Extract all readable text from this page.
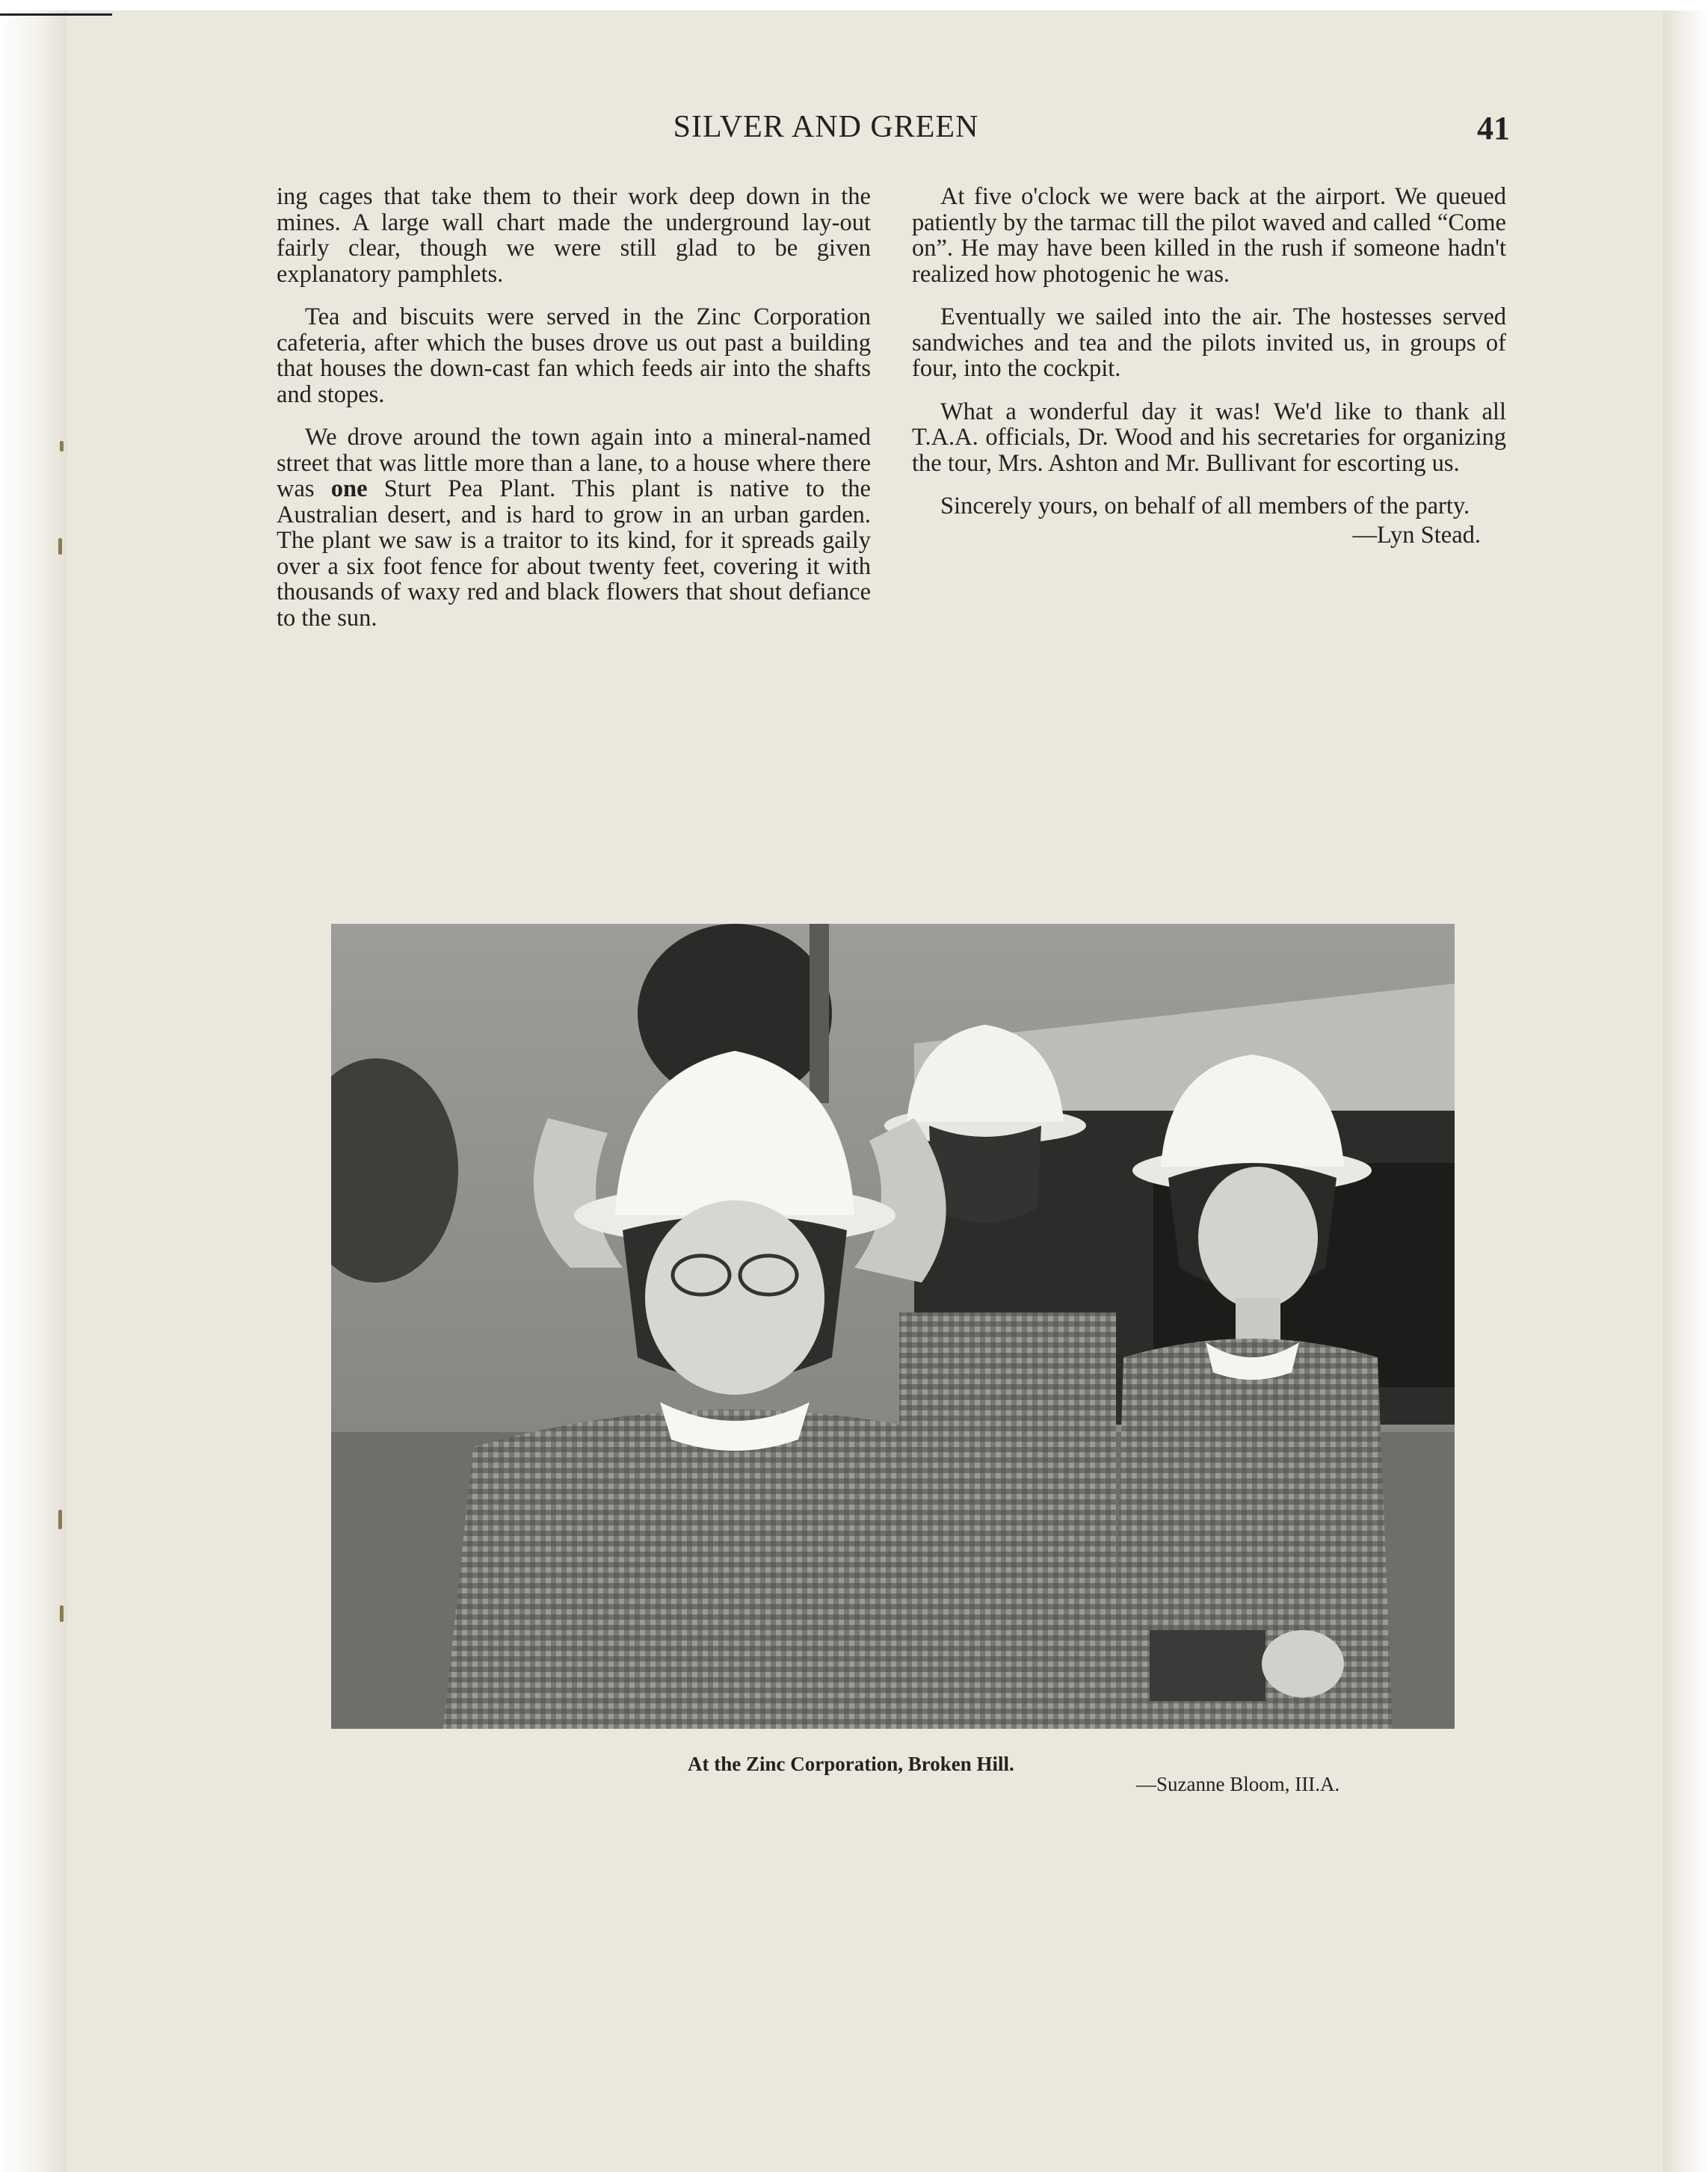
SILVER AND GREEN	41

ing cages that take them to their work deep down in the mines. A large wall chart made the underground lay-out fairly clear, though we were still glad to be given explanatory pamphlets.

Tea and biscuits were served in the Zinc Corporation cafeteria, after which the buses drove us out past a building that houses the down-cast fan which feeds air into the shafts and stopes.

We drove around the town again into a mineral-named street that was little more than a lane, to a house where there was one Sturt Pea Plant. This plant is native to the Australian desert, and is hard to grow in an urban garden. The plant we saw is a traitor to its kind, for it spreads gaily over a six foot fence for about twenty feet, covering it with thousands of waxy red and black flowers that shout defiance to the sun.

At five o'clock we were back at the airport. We queued patiently by the tarmac till the pilot waved and called “Come on”. He may have been killed in the rush if someone hadn't realized how photogenic he was.

Eventually we sailed into the air. The hostesses served sandwiches and tea and the pilots invited us, in groups of four, into the cockpit.

What a wonderful day it was! We'd like to thank all T.A.A. officials, Dr. Wood and his secretaries for organizing the tour, Mrs. Ashton and Mr. Bullivant for escorting us.

Sincerely yours, on behalf of all members of the party.

—Lyn Stead.

At the Zinc Corporation, Broken Hill.
—Suzanne Bloom, III.A.
